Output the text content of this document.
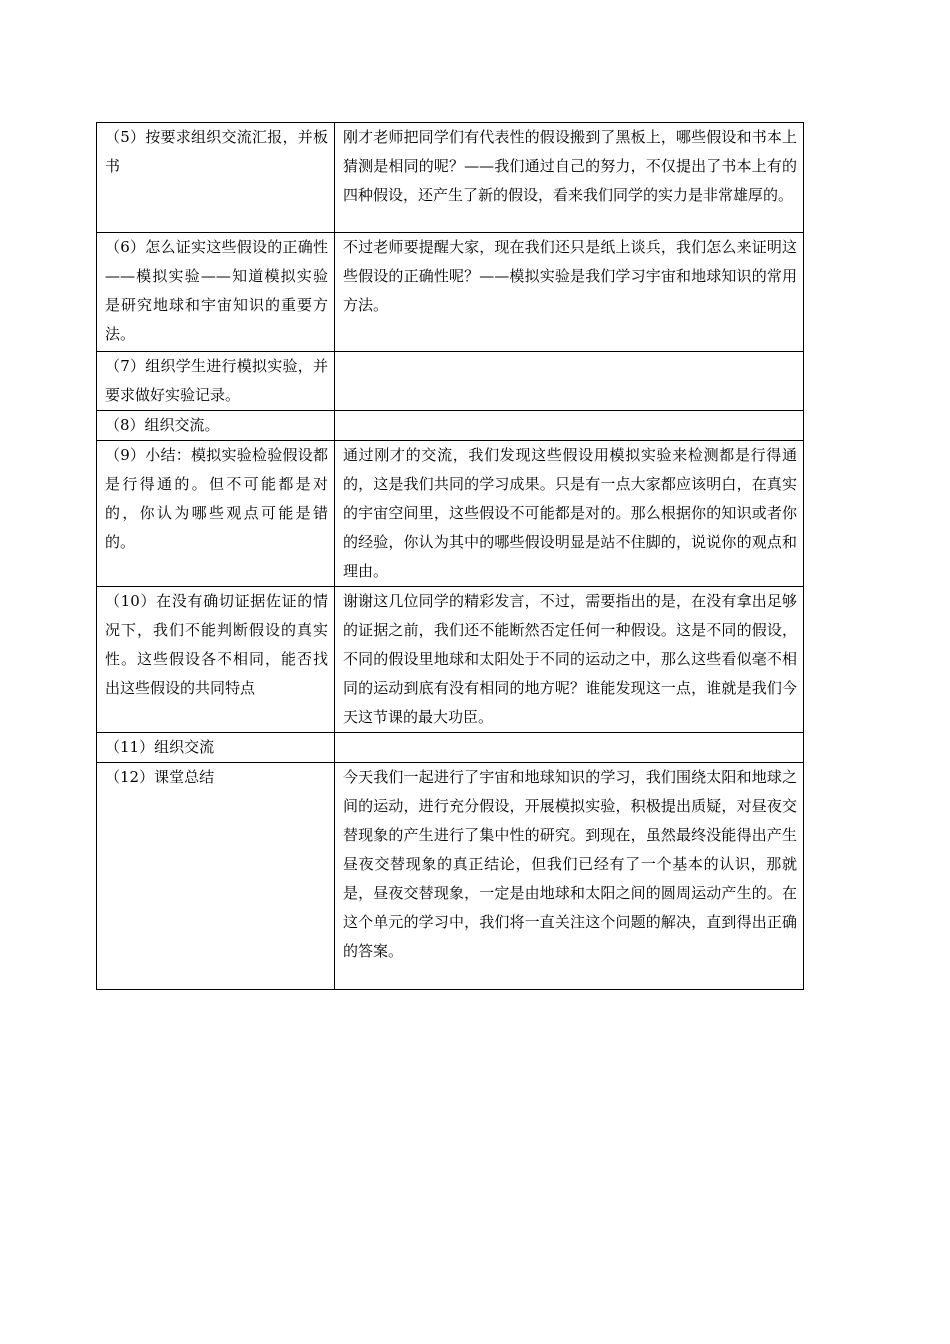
（5）按要求组织交流汇报，并板书	刚才老师把同学们有代表性的假设搬到了黑板上，哪些假设和书本上猜测是相同的呢？——我们通过自己的努力，不仅提出了书本上有的四种假设，还产生了新的假设，看来我们同学的实力是非常雄厚的。
（6）怎么证实这些假设的正确性——模拟实验——知道模拟实验是研究地球和宇宙知识的重要方法。	不过老师要提醒大家，现在我们还只是纸上谈兵，我们怎么来证明这些假设的正确性呢？——模拟实验是我们学习宇宙和地球知识的常用方法。
（7）组织学生进行模拟实验，并要求做好实验记录。	
（8）组织交流。	
（9）小结：模拟实验检验假设都是行得通的。但不可能都是对的，你认为哪些观点可能是错的。	通过刚才的交流，我们发现这些假设用模拟实验来检测都是行得通的，这是我们共同的学习成果。只是有一点大家都应该明白，在真实的宇宙空间里，这些假设不可能都是对的。那么根据你的知识或者你的经验，你认为其中的哪些假设明显是站不住脚的，说说你的观点和理由。
（10）在没有确切证据佐证的情况下，我们不能判断假设的真实性。这些假设各不相同，能否找出这些假设的共同特点	谢谢这几位同学的精彩发言，不过，需要指出的是，在没有拿出足够的证据之前，我们还不能断然否定任何一种假设。这是不同的假设，不同的假设里地球和太阳处于不同的运动之中，那么这些看似毫不相同的运动到底有没有相同的地方呢？谁能发现这一点，谁就是我们今天这节课的最大功臣。
（11）组织交流	
（12）课堂总结	今天我们一起进行了宇宙和地球知识的学习，我们围绕太阳和地球之间的运动，进行充分假设，开展模拟实验，积极提出质疑，对昼夜交替现象的产生进行了集中性的研究。到现在，虽然最终没能得出产生昼夜交替现象的真正结论，但我们已经有了一个基本的认识，那就是，昼夜交替现象，一定是由地球和太阳之间的圆周运动产生的。在这个单元的学习中，我们将一直关注这个问题的解决，直到得出正确的答案。
